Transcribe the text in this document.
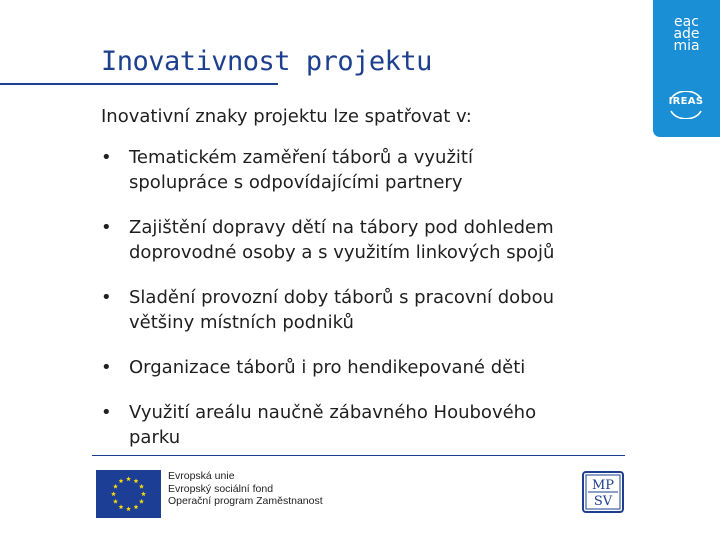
eac
ade
mia
IREAS
Inovativnost projektu

Inovativní znaky projektu lze spatřovat v:

• Tematickém zaměření táborů a využití
spolupráce s odpovídajícími partnery
• Zajištění dopravy dětí na tábory pod dohledem
doprovodné osoby a s využitím linkových spojů
• Sladění provozní doby táborů s pracovní dobou
většiny místních podniků
• Organizace táborů i pro hendikepované děti
• Využití areálu naučně zábavného Houbového
parku
Evropská unie
Evropský sociální fond
Operační program Zaměstnanost
MP
SV
